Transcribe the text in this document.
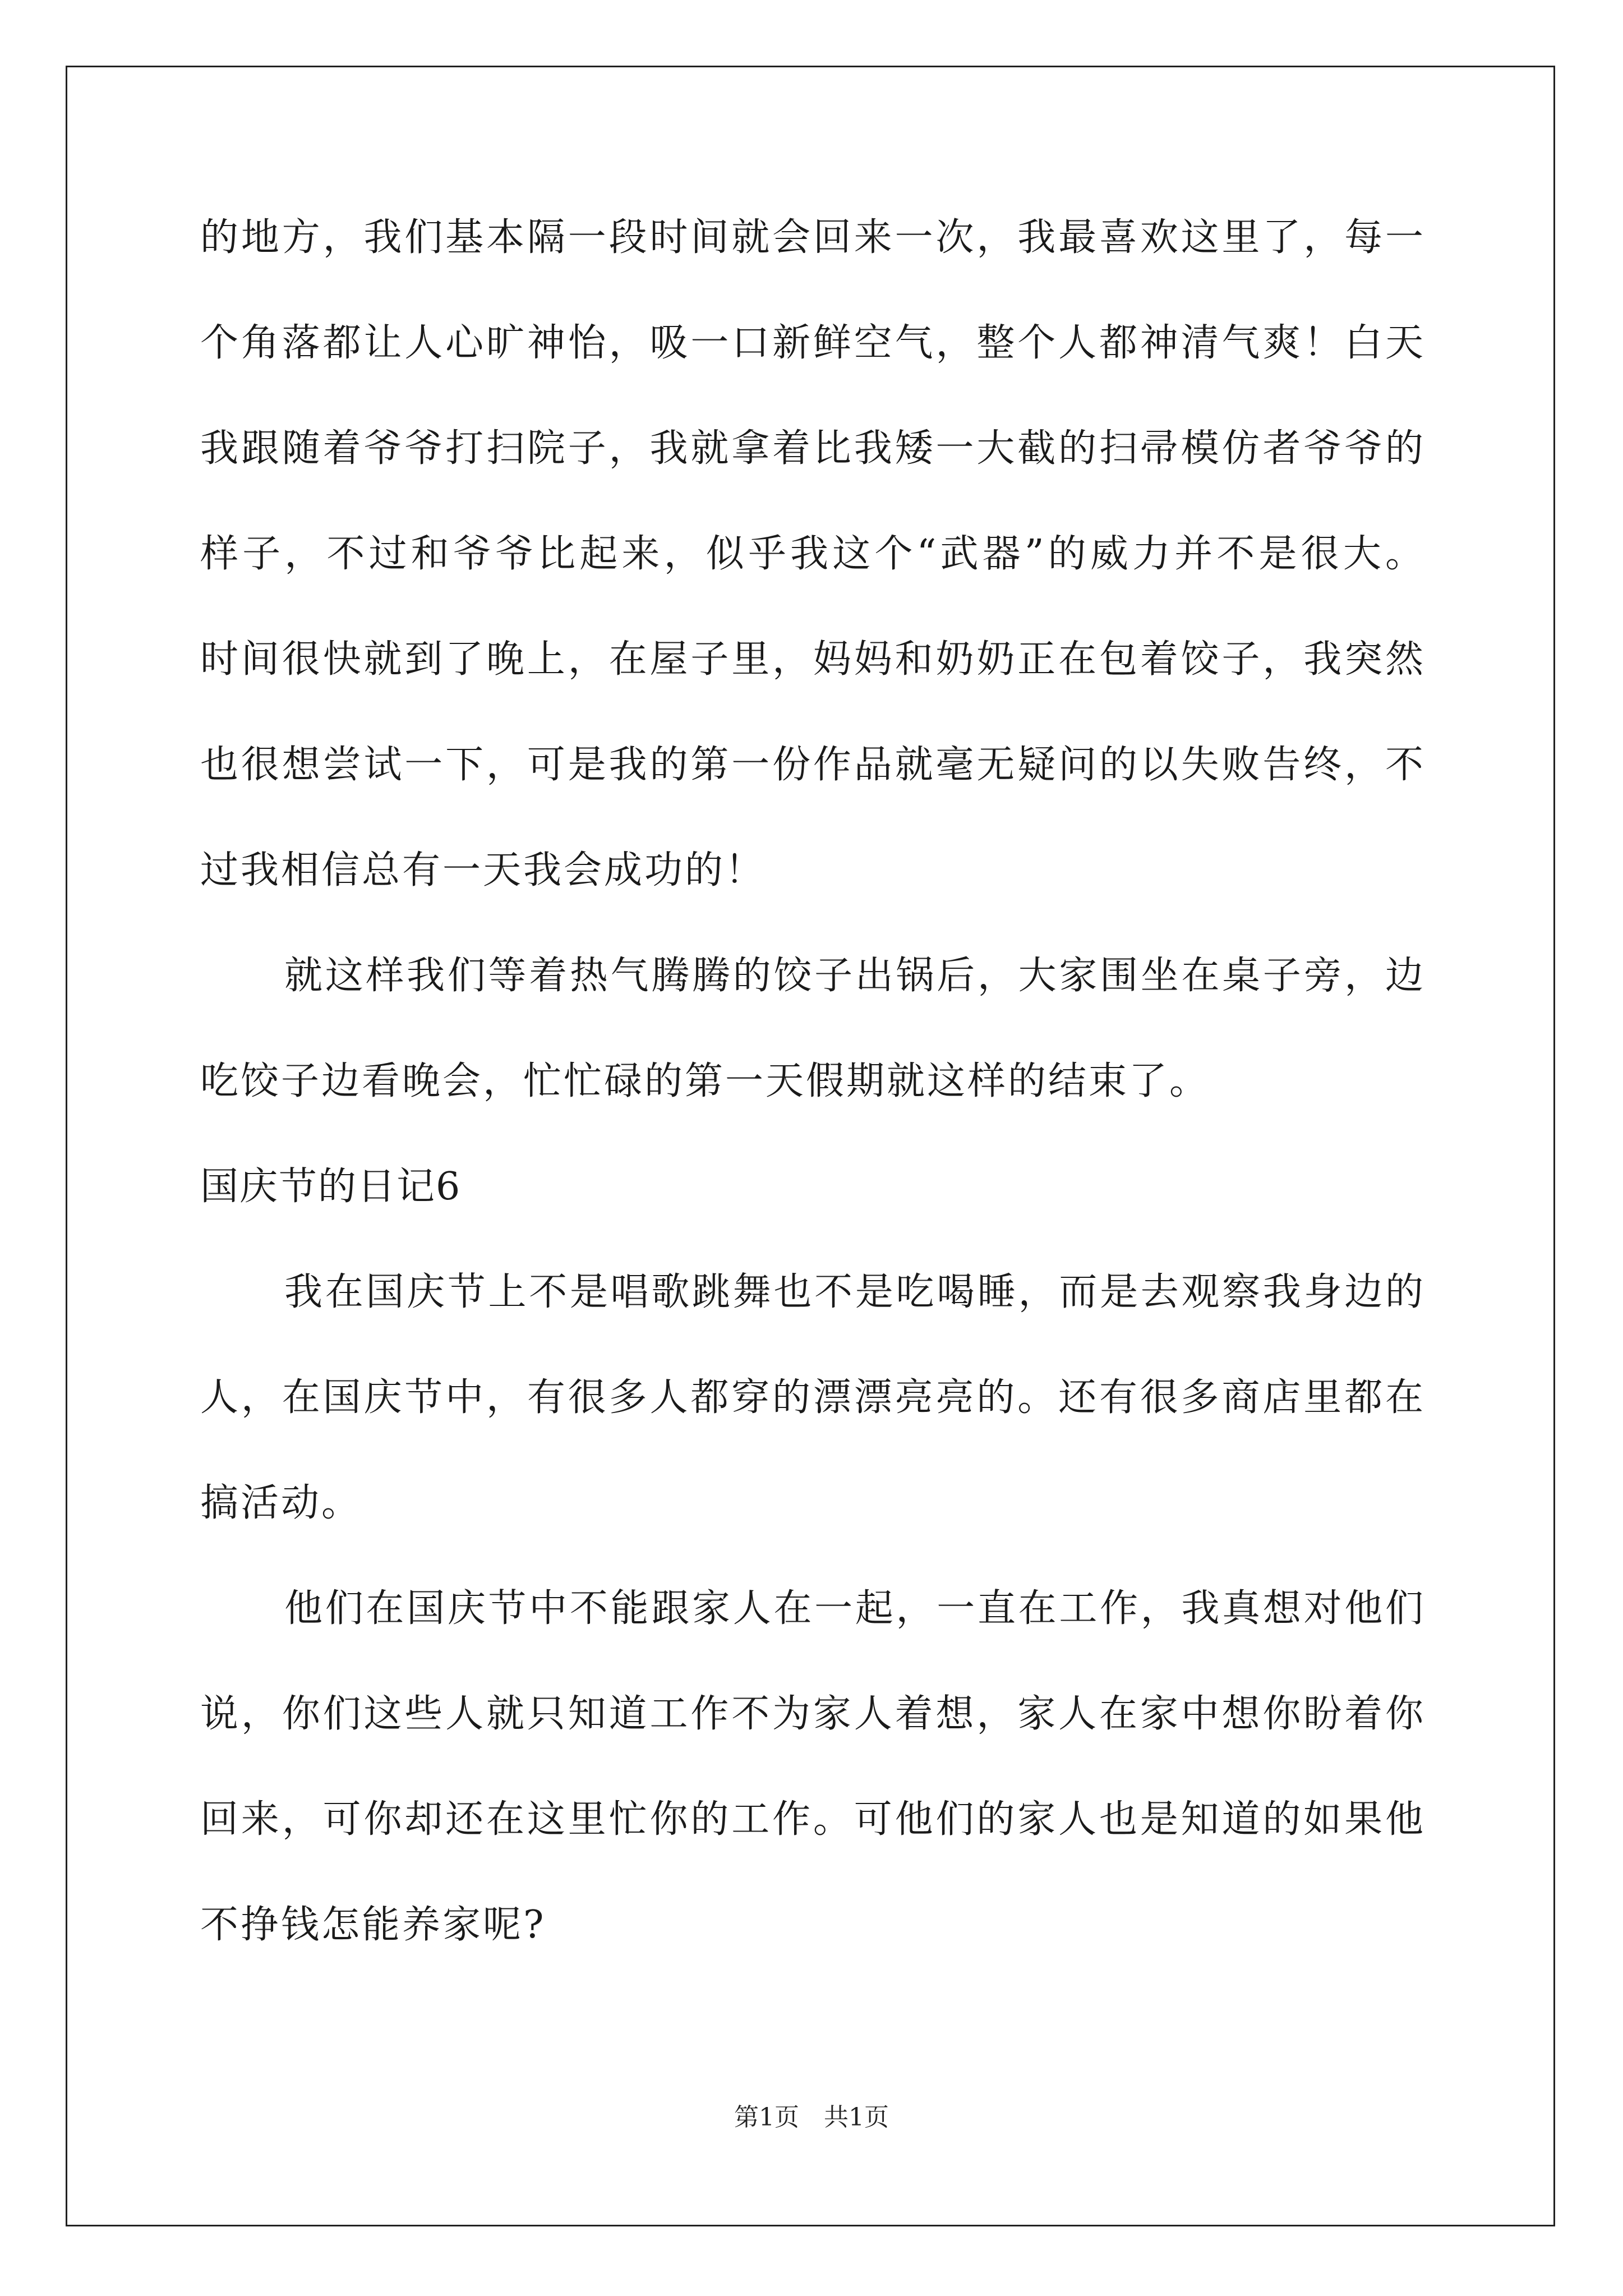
的地方，我们基本隔一段时间就会回来一次，我最喜欢这里了，每一
个角落都让人心旷神怡，吸一口新鲜空气，整个人都神清气爽！白天
我跟随着爷爷打扫院子，我就拿着比我矮一大截的扫帚模仿者爷爷的
样子，不过和爷爷比起来，似乎我这个“武器”的威力并不是很大。
时间很快就到了晚上，在屋子里，妈妈和奶奶正在包着饺子，我突然
也很想尝试一下，可是我的第一份作品就毫无疑问的以失败告终，不
过我相信总有一天我会成功的！
就这样我们等着热气腾腾的饺子出锅后，大家围坐在桌子旁，边
吃饺子边看晚会，忙忙碌的第一天假期就这样的结束了。
国庆节的日记6
我在国庆节上不是唱歌跳舞也不是吃喝睡，而是去观察我身边的
人，在国庆节中，有很多人都穿的漂漂亮亮的。还有很多商店里都在
搞活动。
他们在国庆节中不能跟家人在一起，一直在工作，我真想对他们
说，你们这些人就只知道工作不为家人着想，家人在家中想你盼着你
回来，可你却还在这里忙你的工作。可他们的家人也是知道的如果他
不挣钱怎能养家呢?
第1页　共1页
